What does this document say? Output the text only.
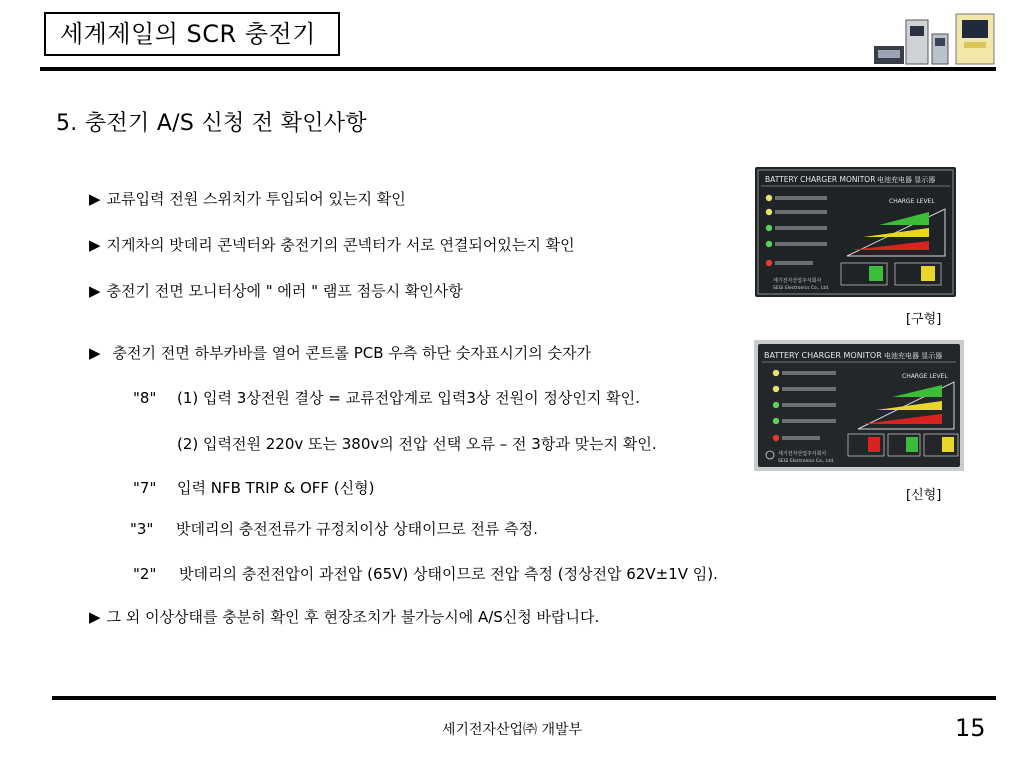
세계제일의 SCR 충전기
5. 충전기 A/S 신청 전 확인사항
▶ 교류입력 전원 스위치가 투입되어 있는지 확인
▶ 지게차의 밧데리 콘넥터와 충전기의 콘넥터가 서로 연결되어있는지 확인
▶ 충전기 전면 모니터상에 " 에러 " 램프 점등시 확인사항
▶ 충전기 전면 하부카바를 열어 콘트롤 PCB 우측 하단 숫자표시기의 숫자가
"8" (1) 입력 3상전원 결상 = 교류전압계로 입력3상 전원이 정상인지 확인.
(2) 입력전원 220v 또는 380v의 전압 선택 오류 – 전 3항과 맞는지 확인.
"7" 입력 NFB TRIP & OFF (신형)
"3" 밧데리의 충전전류가 규정치이상 상태이므로 전류 측정.
"2" 밧데리의 충전전압이 과전압 (65V) 상태이므로 전압 측정 (정상전압 62V±1V 임).
▶ 그 외 이상상태를 충분히 확인 후 현장조치가 불가능시에 A/S신청 바랍니다.
BATTERY CHARGER MONITOR 电池充电器 显示器
CHARGE LEVEL
세기전자산업주식회사
SEGI Electronics Co., Ltd.
[구형]
BATTERY CHARGER MONITOR 电池充电器 显示器
CHARGE LEVEL
세기전자산업주식회사
SEGI Electronics Co., Ltd.
[신형]
세기전자산업㈜ 개발부	15
